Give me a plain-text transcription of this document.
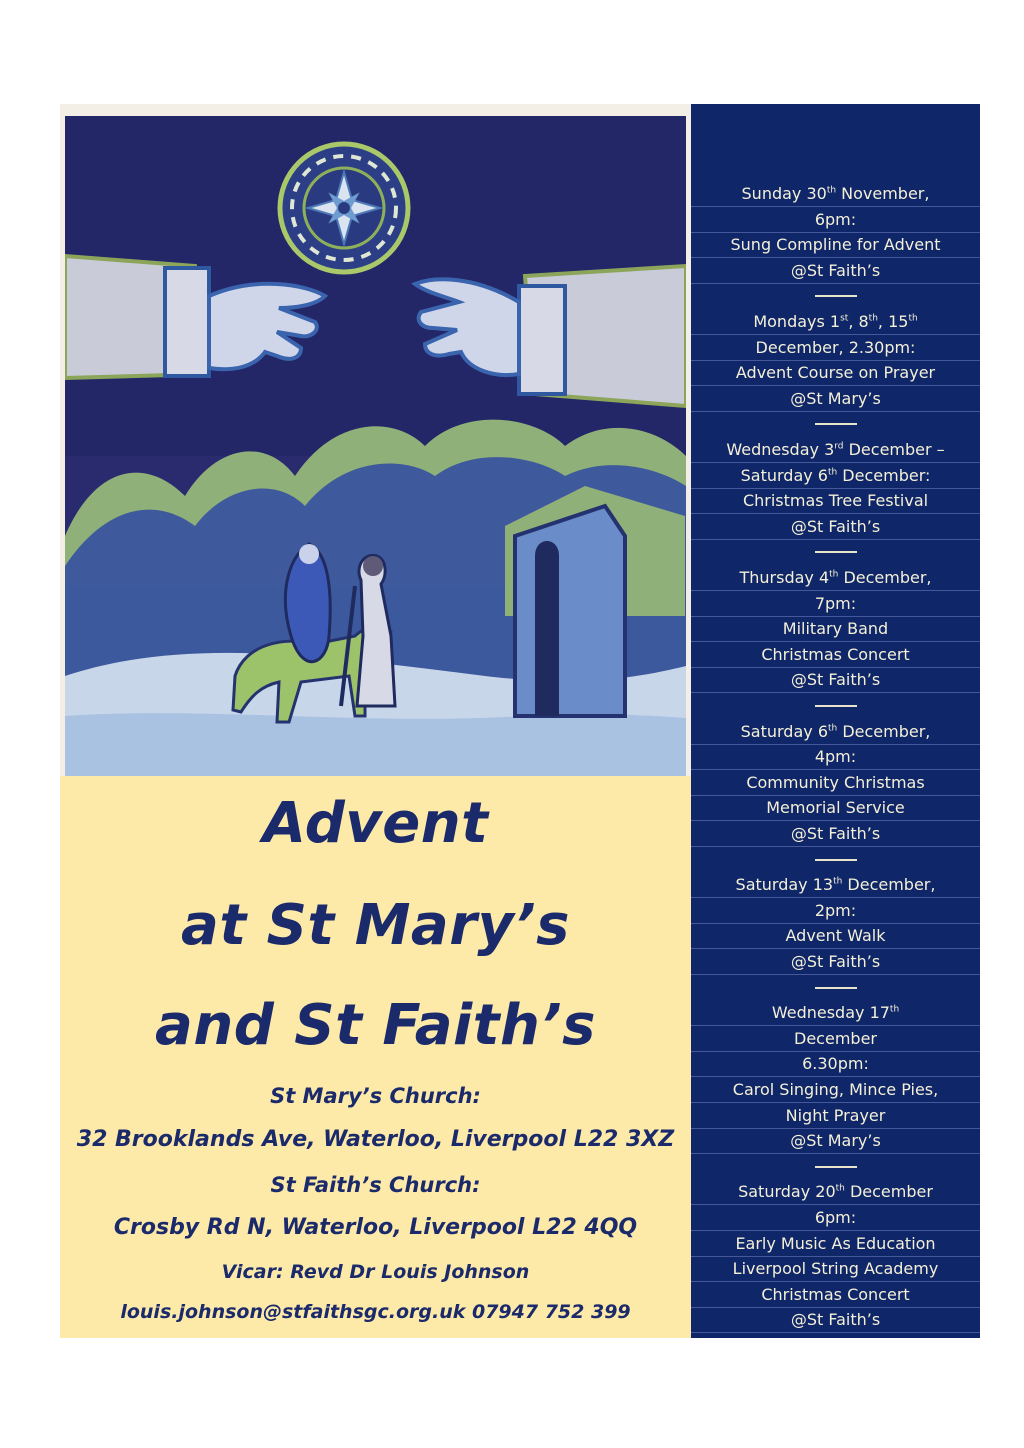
Advent
at St Mary’s
and St Faith’s
St Mary’s Church:
32 Brooklands Ave, Waterloo, Liverpool L22 3XZ
St Faith’s Church:
Crosby Rd N, Waterloo, Liverpool L22 4QQ
Vicar: Revd Dr Louis Johnson
louis.johnson@stfaithsgc.org.uk 07947 752 399
Sunday 30th November,
6pm:
Sung Compline for Advent
@St Faith’s
Mondays 1st, 8th, 15th
December, 2.30pm:
Advent Course on Prayer
@St Mary’s
Wednesday 3rd December –
Saturday 6th December:
Christmas Tree Festival
@St Faith’s
Thursday 4th December,
7pm:
Military Band
Christmas Concert
@St Faith’s
Saturday 6th December,
4pm:
Community Christmas
Memorial Service
@St Faith’s
Saturday 13th December,
2pm:
Advent Walk
@St Faith’s
Wednesday 17th
December
6.30pm:
Carol Singing, Mince Pies,
Night Prayer
@St Mary’s
Saturday 20th December
6pm:
Early Music As Education
Liverpool String Academy
Christmas Concert
@St Faith’s
